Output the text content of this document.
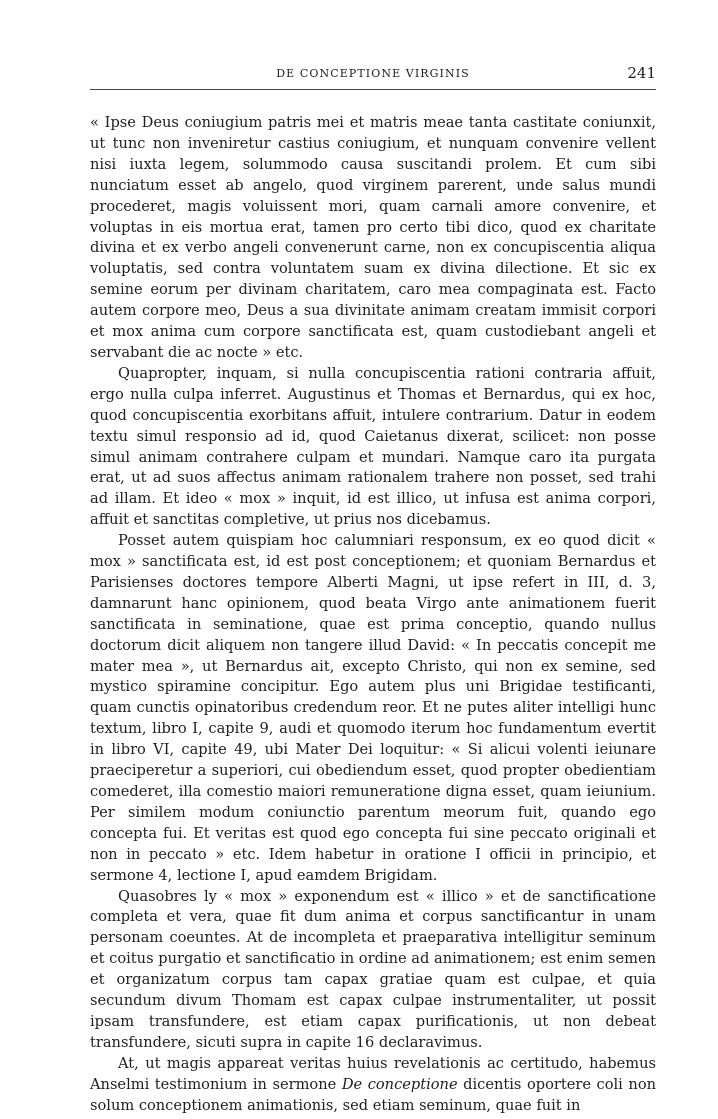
DE CONCEPTIONE VIRGINIS	241

« Ipse Deus coniugium patris mei et matris meae tanta castitate coniunxit, ut tunc non inveniretur castius coniugium, et nunquam convenire vellent nisi iuxta legem, solummodo causa suscitandi prolem. Et cum sibi nunciatum esset ab angelo, quod virginem parerent, unde salus mundi procederet, magis voluissent mori, quam carnali amore convenire, et voluptas in eis mortua erat, tamen pro certo tibi dico, quod ex charitate divina et ex verbo angeli convenerunt carne, non ex concupiscentia aliqua voluptatis, sed contra voluntatem suam ex divina dilectione. Et sic ex semine eorum per divinam charitatem, caro mea compaginata est. Facto autem corpore meo, Deus a sua divinitate animam creatam immisit corpori et mox anima cum corpore sanctificata est, quam custodiebant angeli et servabant die ac nocte » etc.

Quapropter, inquam, si nulla concupiscentia rationi contraria affuit, ergo nulla culpa inferret. Augustinus et Thomas et Bernardus, qui ex hoc, quod concupiscentia exorbitans affuit, intulere contrarium. Datur in eodem textu simul responsio ad id, quod Caietanus dixerat, scilicet: non posse simul animam contrahere culpam et mundari. Namque caro ita purgata erat, ut ad suos affectus animam rationalem trahere non posset, sed trahi ad illam. Et ideo « mox » inquit, id est illico, ut infusa est anima corpori, affuit et sanctitas completive, ut prius nos dicebamus.

Posset autem quispiam hoc calumniari responsum, ex eo quod dicit « mox » sanctificata est, id est post conceptionem; et quoniam Bernardus et Parisienses doctores tempore Alberti Magni, ut ipse refert in III, d. 3, damnarunt hanc opinionem, quod beata Virgo ante animationem fuerit sanctificata in seminatione, quae est prima conceptio, quando nullus doctorum dicit aliquem non tangere illud David: « In peccatis concepit me mater mea », ut Bernardus ait, excepto Christo, qui non ex semine, sed mystico spiramine concipitur. Ego autem plus uni Brigidae testificanti, quam cunctis opinatoribus credendum reor. Et ne putes aliter intelligi hunc textum, libro I, capite 9, audi et quomodo iterum hoc fundamentum evertit in libro VI, capite 49, ubi Mater Dei loquitur: « Si alicui volenti ieiunare praeciperetur a superiori, cui obediendum esset, quod propter obedientiam comederet, illa comestio maiori remuneratione digna esset, quam ieiunium. Per similem modum coniunctio parentum meorum fuit, quando ego concepta fui. Et veritas est quod ego concepta fui sine peccato originali et non in peccato » etc. Idem habetur in oratione I officii in principio, et sermone 4, lectione I, apud eamdem Brigidam.

Quasobres ly « mox » exponendum est « illico » et de sanctificatione completa et vera, quae fit dum anima et corpus sanctificantur in unam personam coeuntes. At de incompleta et praeparativa intelligitur seminum et coitus purgatio et sanctificatio in ordine ad animationem; est enim semen et organizatum corpus tam capax gratiae quam est culpae, et quia secundum divum Thomam est capax culpae instrumentaliter, ut possit ipsam transfundere, est etiam capax purificationis, ut non debeat transfundere, sicuti supra in capite 16 declaravimus.

At, ut magis appareat veritas huius revelationis ac certitudo, habemus Anselmi testimonium in sermone De conceptione dicentis oportere coli non solum conceptionem animationis, sed etiam seminum, quae fuit in
